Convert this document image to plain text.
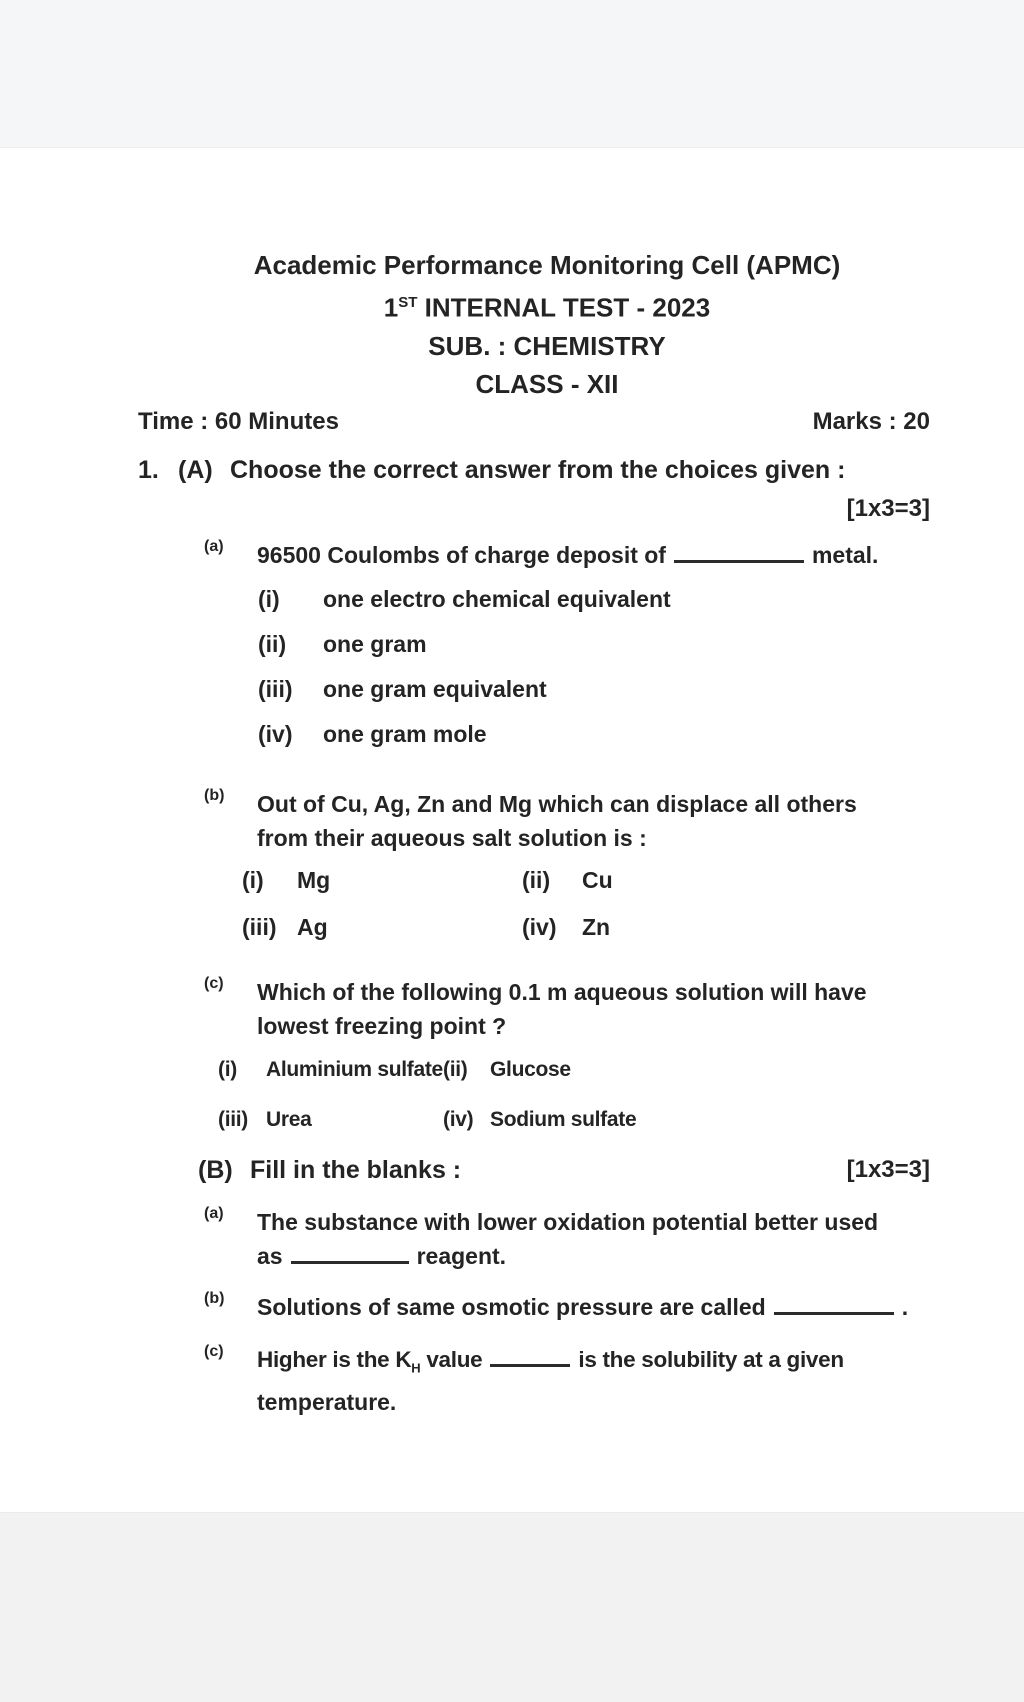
Academic Performance Monitoring Cell (APMC)
1ST INTERNAL TEST - 2023
SUB. : CHEMISTRY
CLASS - XII
Time : 60 Minutes	Marks : 20
1. (A) Choose the correct answer from the choices given :
[1x3=3]
(a)	96500 Coulombs of charge deposit of	metal.
(i)	one electro chemical equivalent
(ii)	one gram
(iii)	one gram equivalent
(iv)	one gram mole
(b)	Out of Cu, Ag, Zn and Mg which can displace all others
from their aqueous salt solution is :
(i)	Mg	(ii)	Cu
(iii) Ag	(iv)	Zn
(c)	Which of the following 0.1 m aqueous solution will have
lowest freezing point ?
(i)	Aluminium sulfate (ii)	Glucose
(iii) Urea	(iv) Sodium sulfate
(B) Fill in the blanks :	[1x3=3]
(a)	The substance with lower oxidation potential better used
as	reagent.
(b)	Solutions of same osmotic pressure are called	.
(c)	Higher is the $K_H$ value	is the solubility at a given
temperature.
